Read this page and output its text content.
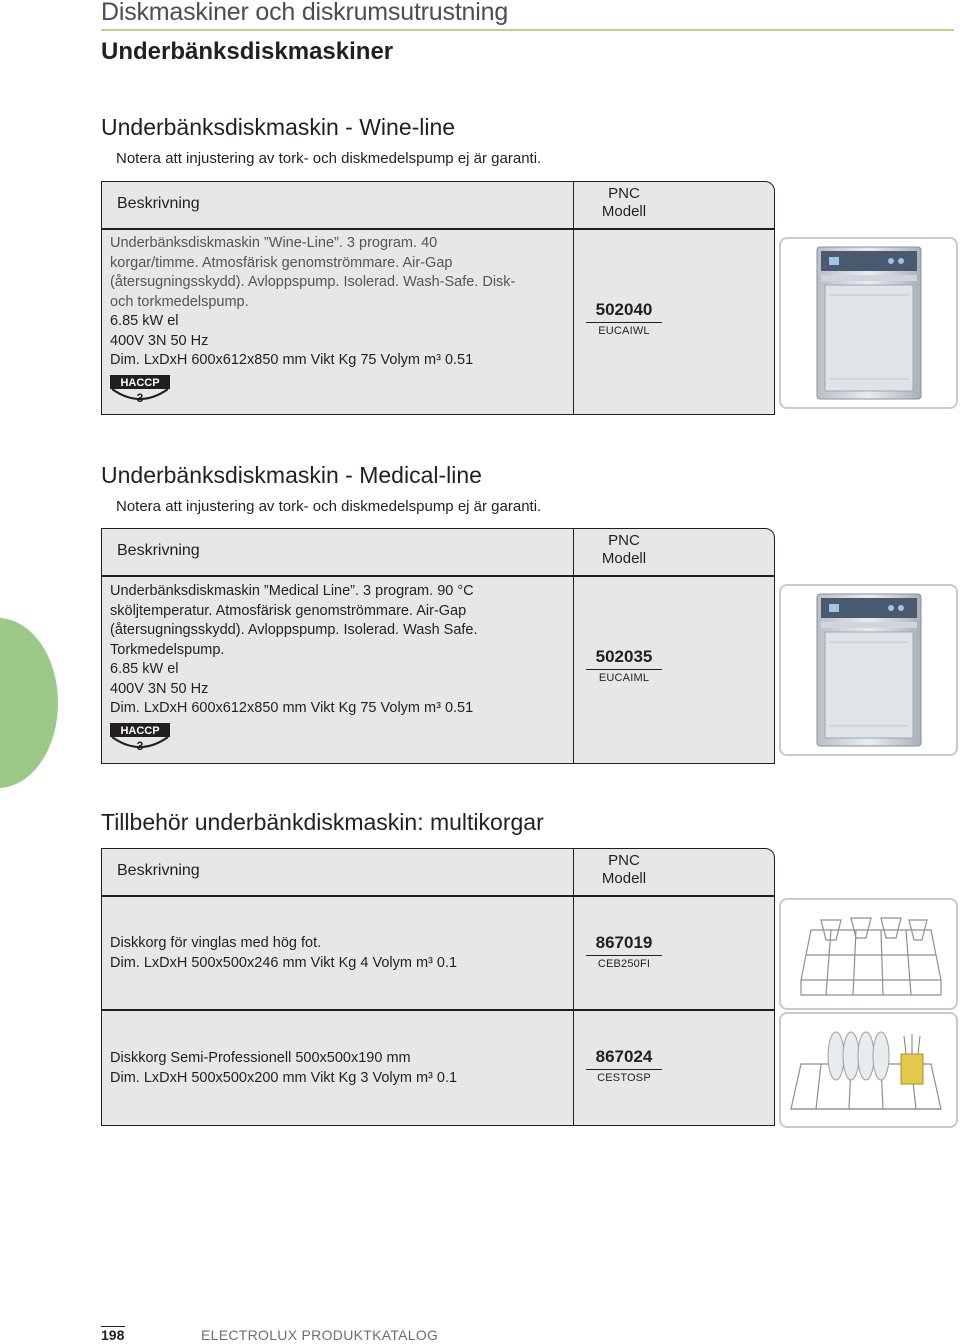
Diskmaskiner och diskrumsutrustning
Underbänksdiskmaskiner
Underbänksdiskmaskin - Wine-line
Notera att injustering av tork- och diskmedelspump ej är garanti.
Beskrivning
PNC
Modell
Underbänksdiskmaskin ”Wine-Line”. 3 program. 40
korgar/timme. Atmosfärisk genomströmmare. Air-Gap
(återsugningsskydd). Avloppspump. Isolerad. Wash-Safe. Disk-
och torkmedelspump.
6.85 kW el
400V 3N 50 Hz
Dim. LxDxH 600x612x850 mm Vikt Kg 75 Volym m³ 0.51
HACCP
3
502040
EUCAIWL
Underbänksdiskmaskin - Medical-line
Notera att injustering av tork- och diskmedelspump ej är garanti.
Beskrivning
PNC
Modell
Underbänksdiskmaskin ”Medical Line”. 3 program. 90 °C
sköljtemperatur. Atmosfärisk genomströmmare. Air-Gap
(återsugningsskydd). Avloppspump. Isolerad. Wash Safe.
Torkmedelspump.
6.85 kW el
400V 3N 50 Hz
Dim. LxDxH 600x612x850 mm Vikt Kg 75 Volym m³ 0.51
HACCP
3
502035
EUCAIML
Tillbehör underbänkdiskmaskin: multikorgar
Beskrivning
PNC
Modell
Diskkorg för vinglas med hög fot.
Dim. LxDxH 500x500x246 mm Vikt Kg 4 Volym m³ 0.1
867019
CEB250FI
Diskkorg Semi-Professionell 500x500x190 mm
Dim. LxDxH 500x500x200 mm Vikt Kg 3 Volym m³ 0.1
867024
CESTOSP
198	ELECTROLUX PRODUKTKATALOG
